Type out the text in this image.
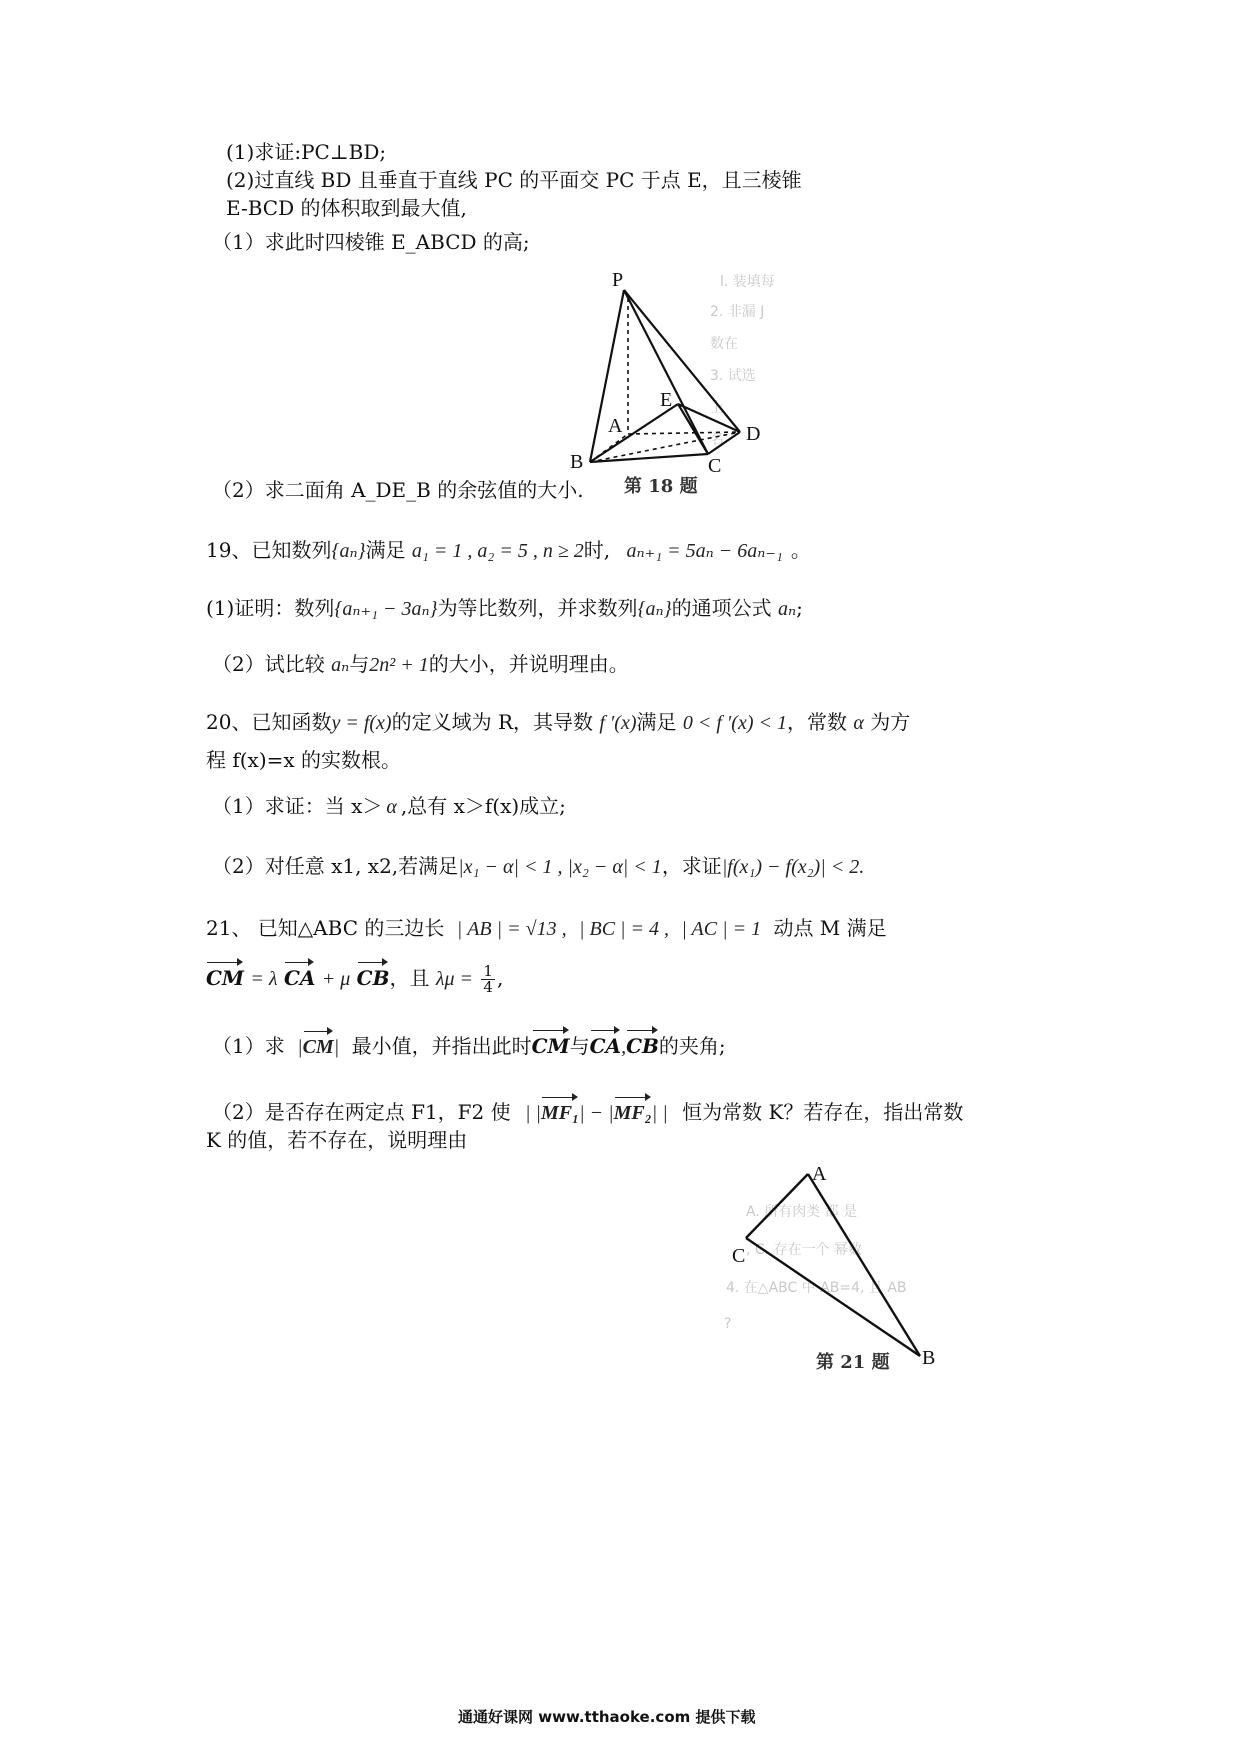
(1)求证:PC⊥BD;
(2)过直线 BD 且垂直于直线 PC 的平面交 PC 于点 E，且三棱锥
E-BCD 的体积取到最大值,
（1）求此时四棱锥 E_ABCD 的高;
l. 装填每
2. 非漏 J
数在
3. 试选
上
名
P
E
A	D
B	C
第 18 题
（2）求二面角 A_DE_B 的余弦值的大小.
19、已知数列{aₙ}满足 a₁ = 1 , a₂ = 5 , n ≥ 2时, aₙ₊₁ = 5aₙ − 6aₙ₋₁ 。
(1)证明：数列{aₙ₊₁ − 3aₙ}为等比数列，并求数列{aₙ}的通项公式 aₙ;
（2）试比较 aₙ与2n² + 1的大小，并说明理由。
20、已知函数y = f(x)的定义域为 R，其导数 f ′(x)满足 0 < f ′(x) < 1，常数 α 为方
程 f(x)=x 的实数根。
（1）求证：当 x＞ α ,总有 x＞f(x)成立;
（2）对任意 x1, x2,若满足|x₁ − α| < 1 , |x₂ − α| < 1，求证|f(x₁) − f(x₂)| < 2.
21、 已知△ABC 的三边长 | AB | = √13 , | BC | = 4 , | AC | = 1 动点 M 满足
CM = λ CA + μ CB，且 $\lambda\mu = \frac{1}{4}$ ,
（1）求 |CM| 最小值，并指出此时CM与CA,CB的夹角;
（2）是否存在两定点 F1，F2 使 | |MF₁| − |MF₂| | 恒为常数 K？若存在，指出常数
K 的值，若不存在，说明理由
A. 所有肉类 都 是
, C. 存在一个 幂数
4. 在△ABC 中 AB=4, 且 AB
?
A
C
B
第 21 题
通通好课网 www.tthaoke.com 提供下载
